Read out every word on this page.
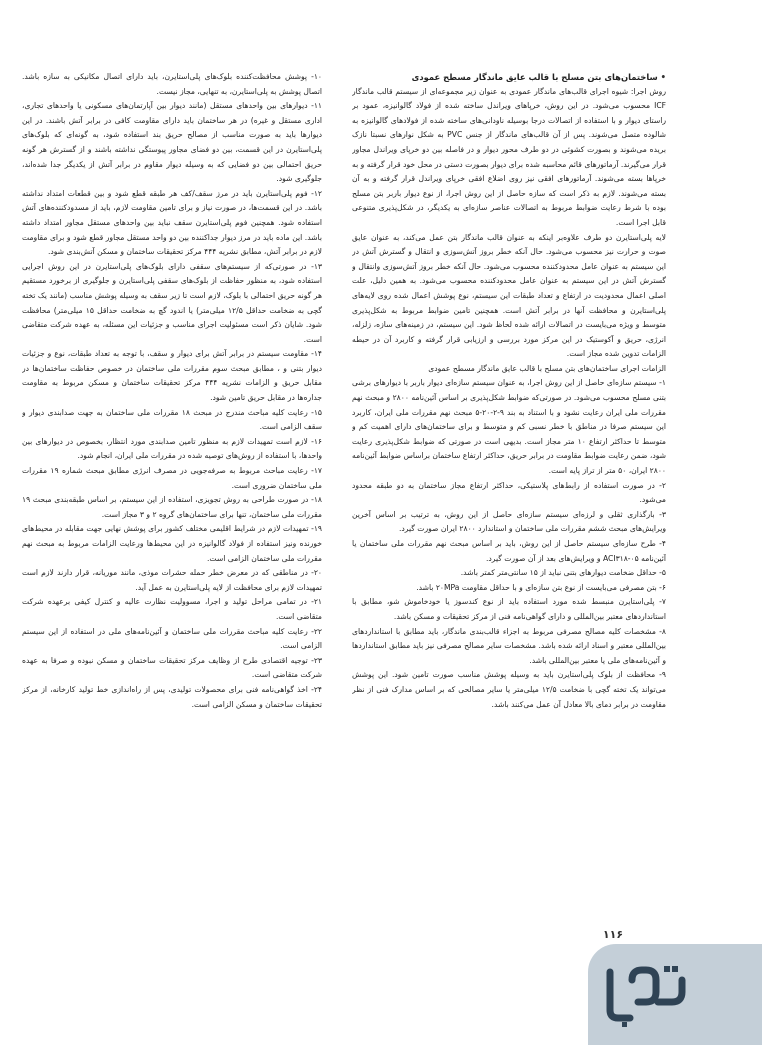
• ساختمان‌های بتن مسلح با قالب عایق ماندگار مسطح عمودی

روش اجرا: شیوه اجرای قالب‌های ماندگار عمودی به عنوان زیر مجموعه‌ای از سیستم قالب ماندگار ICF محسوب می‌شود. در این روش، خرپاهای ویراندل ساخته شده از فولاد گالوانیزه، عمود بر راستای دیوار و با استفاده از اتصالات درجا بوسیله ناودانی‌های ساخته شده از فولادهای گالوانیزه به شالوده متصل می‌شوند. پس از آن قالب‌های ماندگار از جنس PVC به شکل نوارهای نسبتا نازک بریده می‌شوند و بصورت کشوئی در دو طرف محور دیوار و در فاصله بین دو خرپای ویراندل مجاور قرار می‌گیرند. آرماتورهای قائم محاسبه شده برای دیوار بصورت دستی در محل خود قرار گرفته و به خرپاها بسته می‌شوند. آرماتورهای افقی نیز روی اضلاع افقی خرپای ویراندل قرار گرفته و به آن بسته می‌شوند. لازم به ذکر است که سازه حاصل از این روش اجرا، از نوع دیوار باربر بتن مسلح بوده با شرط رعایت ضوابط مربوط به اتصالات عناصر سازه‌ای به یکدیگر، در شکل‌پذیری متنوعی قابل اجرا است.

لایه پلی‌استایرن دو طرف علاوه‌بر اینکه به عنوان قالب ماندگار بتن عمل می‌کند، به عنوان عایق صوت و حرارت نیز محسوب می‌شود. حال آنکه خطر بروز آتش‌سوزی و انتقال و گسترش آتش در این سیستم به عنوان عامل محدودکننده محسوب می‌شود. حال آنکه خطر بروز آتش‌سوزی وانتقال و گسترش آتش در این سیستم به عنوان عامل محدودکننده محسوب می‌شود. به همین دلیل، علت اصلی اعمال محدودیت در ارتفاع و تعداد طبقات این سیستم، نوع پوشش اعمال شده روی لایه‌های پلی‌استایرن و محافظت آنها در برابر آتش است. همچنین تامین ضوابط مربوط به شکل‌پذیری متوسط و ویژه می‌بایست در اتصالات ارائه شده لحاظ شود. این سیستم، در زمینه‌های سازه، زلزله، انرژی، حریق و آکوستیک در این مرکز مورد بررسی و ارزیابی قرار گرفته و کاربرد آن در حیطه الزامات تدوین شده مجاز است.

الزامات اجرای ساختمان‌های بتن مسلح با قالب عایق ماندگار مسطح عمودی

۱- سیستم سازه‌ای حاصل از این روش اجرا، به عنوان سیستم سازه‌ای دیوار باربر با دیوارهای برشی بتنی مسلح محسوب می‌شود. در صورتی‌که ضوابط شکل‌پذیری بر اساس آئین‌نامه ۲۸۰۰ و مبحث نهم مقررات ملی ایران رعایت نشود و با استناد به بند ۹-۲-۲۰-۵ مبحث نهم مقررات ملی ایران، کاربرد این سیستم صرفا در مناطق با خطر نسبی کم و متوسط و برای ساختمان‌های دارای اهمیت کم و متوسط تا حداکثر ارتفاع ۱۰ متر مجاز است. بدیهی است در صورتی که ضوابط شکل‌پذیری رعایت شود، ضمن رعایت ضوابط مقاومت در برابر حریق، حداکثر ارتفاع ساختمان براساس ضوابط آئین‌نامه ۲۸۰۰ ایران، ۵۰ متر از تراز پایه است.

۲- در صورت استفاده از رابط‌های پلاستیکی، حداکثر ارتفاع مجاز ساختمان به دو طبقه محدود می‌شود.

۳- بارگذاری ثقلی و لرزه‌ای سیستم سازه‌ای حاصل از این روش، به ترتیب بر اساس آخرین ویرایش‌های مبحث ششم مقررات ملی ساختمان و استاندارد ۲۸۰۰ ایران صورت گیرد.

۴- طرح سازه‌ای سیستم حاصل از این روش، باید بر اساس مبحث نهم مقررات ملی ساختمان یا آئین‌نامه ACI۳۱۸-۰۵ و ویرایش‌های بعد از آن صورت گیرد.

۵- حداقل ضخامت دیوارهای بتنی نباید از ۱۵ سانتی‌متر کمتر باشد.

۶- بتن مصرفی می‌بایست از نوع بتن سازه‌ای و با حداقل مقاومت ۲۰MPa باشد.

۷- پلی‌استایرن منبسط شده مورد استفاده باید از نوع کندسوز یا خودخاموش شو، مطابق با استانداردهای معتبر بین‌المللی و دارای گواهی‌نامه فنی از مرکز تحقیقات و مسکن باشد.

۸- مشخصات کلیه مصالح مصرفی مربوط به اجزاء قالب‌بندی ماندگار، باید مطابق با استانداردهای بین‌المللی معتبر و اسناد ارائه شده باشد. مشخصات سایر مصالح مصرفی نیز باید مطابق استانداردها و آئین‌نامه‌های ملی یا معتبر بین‌المللی باشد.

۹- محافظت از بلوک پلی‌استایرن باید به وسیله پوشش مناسب صورت تامین شود. این پوشش می‌تواند یک تخته گچی با ضخامت ۱۲/۵ میلی‌متر یا سایر مصالحی که بر اساس مدارک فنی از نظر مقاومت در برابر دمای بالا معادل آن عمل می‌کنند باشد.

۱۰- پوشش محافظت‌کننده بلوک‌های پلی‌استایرن، باید دارای اتصال مکانیکی به سازه باشد. اتصال پوشش به پلی‌استایرن، به تنهایی، مجاز نیست.

۱۱- دیوارهای بین واحدهای مستقل (مانند دیوار بین آپارتمان‌های مسکونی یا واحدهای تجاری، اداری مستقل و غیره) در هر ساختمان باید دارای مقاومت کافی در برابر آتش باشند. در این دیوارها باید به صورت مناسب از مصالح حریق بند استفاده شود، به گونه‌ای که بلوک‌های پلی‌استایرن در این قسمت، بین دو فضای مجاور پیوستگی نداشته باشند و از گسترش هر گونه حریق احتمالی بین دو فضایی که به وسیله دیوار مقاوم در برابر آتش از یکدیگر جدا شده‌اند، جلوگیری شود.

۱۲- فوم پلی‌استایرن باید در مرز سقف/کف هر طبقه قطع شود و بین قطعات امتداد نداشته باشد. در این قسمت‌ها، در صورت نیاز و برای تامین مقاومت لازم، باید از مسدودکننده‌های آتش استفاده شود. همچنین فوم پلی‌استایرن سقف نباید بین واحدهای مستقل مجاور امتداد داشته باشد. این ماده باید در مرز دیوار جداکننده بین دو واحد مستقل مجاور قطع شود و برای مقاومت لازم در برابر آتش، مطابق نشریه ۴۴۴ مرکز تحقیقات ساختمان و مسکن آتش‌بندی شود.

۱۳- در صورتی‌که از سیستم‌های سقفی دارای بلوک‌های پلی‌استایرن در این روش اجرایی استفاده شود، به منظور حفاظت از بلوک‌های سقفی پلی‌استایرن و جلوگیری از برخورد مستقیم هر گونه حریق احتمالی با بلوک، لازم است تا زیر سقف به وسیله پوشش مناسب (مانند یک تخته گچی به ضخامت حداقل ۱۲/۵ میلی‌متر) یا اندود گچ به ضخامت حداقل ۱۵ میلی‌متر) محافظت شود. شایان ذکر است مسئولیت اجرای مناسب و جزئیات این مسئله، به عهده شرکت متقاضی است.

۱۴- مقاومت سیستم در برابر آتش برای دیوار و سقف، با توجه به تعداد طبقات، نوع و جزئیات دیوار بتنی و ، مطابق مبحث سوم مقررات ملی ساختمان در خصوص حفاظت ساختمان‌ها در مقابل حریق و الزامات نشریه ۴۴۴ مرکز تحقیقات ساختمان و مسکن مربوط به مقاومت جداره‌ها در مقابل حریق تامین شود.

۱۵- رعایت کلیه مباحث مندرج در مبحث ۱۸ مقررات ملی ساختمان به جهت صدابندی دیوار و سقف الزامی است.

۱۶- لازم است تمهیدات لازم به منظور تامین صدابندی مورد انتظار، بخصوص در دیوارهای بین واحدها، با استفاده از روش‌های توصیه شده در مقررات ملی ایران، انجام شود.

۱۷- رعایت مباحث مربوط به صرفه‌جویی در مصرف انرژی مطابق مبحث شماره ۱۹ مقررات ملی ساختمان ضروری است.

۱۸- در صورت طراحی به روش تجویزی، استفاده از این سیستم، بر اساس طبقه‌بندی مبحث ۱۹ مقررات ملی ساختمان، تنها برای ساختمان‌های گروه ۲ و ۳ مجاز است.

۱۹- تمهیدات لازم در شرایط اقلیمی مختلف کشور برای پوشش نهایی جهت مقابله در محیط‌های خورنده ونیز استفاده از فولاد گالوانیزه در این محیط‌ها ورعایت الزامات مربوط به مبحث نهم مقررات ملی ساختمان الزامی است.

۲۰- در مناطقی که در معرض خطر حمله حشرات موذی، مانند موریانه، قرار دارند لازم است تمهیدات لازم برای محافظت از لایه پلی‌استایرن به عمل آید.

۲۱- در تمامی مراحل تولید و اجرا، مسوولیت نظارت عالیه و کنترل کیفی برعهده شرکت متقاضی است.

۲۲- رعایت کلیه مباحث مقررات ملی ساختمان و آئین‌نامه‌های ملی در استفاده از این سیستم الزامی است.

۲۳- توجیه اقتصادی طرح از وظایف مرکز تحقیقات ساختمان و مسکن نبوده و صرفا به عهده شرکت متقاضی است.

۲۴- اخذ گواهی‌نامه فنی برای محصولات تولیدی، پس از راه‌اندازی خط تولید کارخانه، از مرکز تحقیقات ساختمان و مسکن الزامی است.

۱۱۶
